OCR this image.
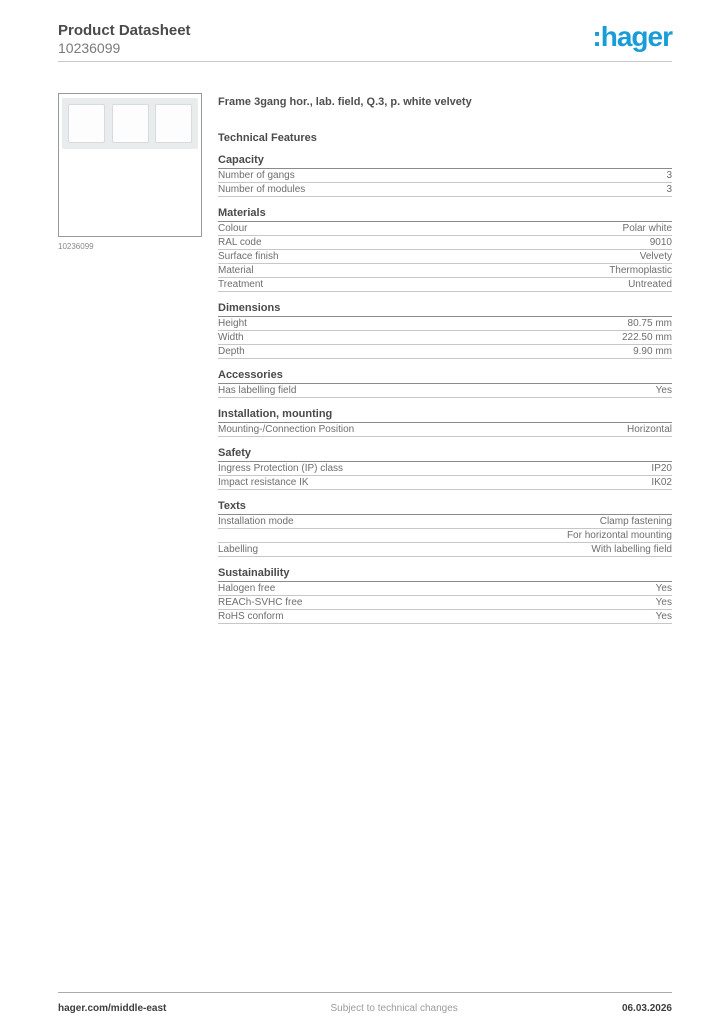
Product Datasheet
10236099	:hager
10236099
Frame 3gang hor., lab. field, Q.3, p. white velvety
Technical Features
Capacity
Number of gangs	3
Number of modules	3
Materials
Colour	Polar white
RAL code	9010
Surface finish	Velvety
Material	Thermoplastic
Treatment	Untreated
Dimensions
Height	80.75 mm
Width	222.50 mm
Depth	9.90 mm
Accessories
Has labelling field	Yes
Installation, mounting
Mounting-/Connection Position	Horizontal
Safety
Ingress Protection (IP) class	IP20
Impact resistance IK	IK02
Texts
Installation mode	Clamp fastening
For horizontal mounting
Labelling	With labelling field
Sustainability
Halogen free	Yes
REACh-SVHC free	Yes
RoHS conform	Yes
hager.com/middle-east	Subject to technical changes	06.03.2026
